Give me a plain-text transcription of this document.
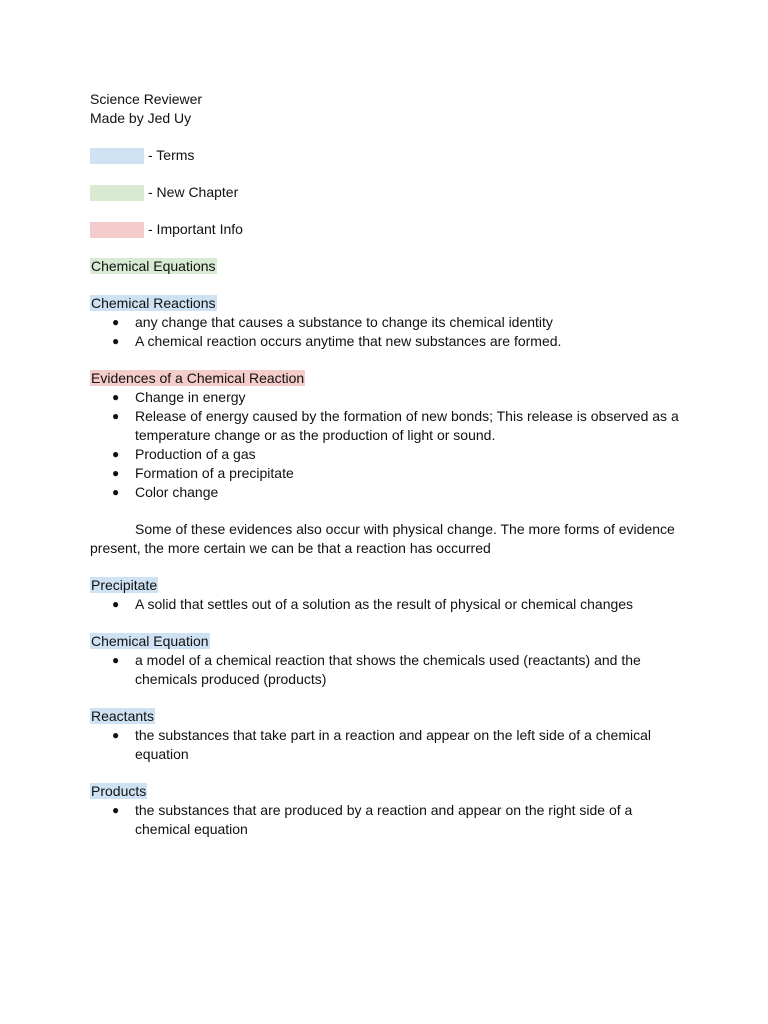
Science Reviewer
Made by Jed Uy
- Terms
- New Chapter
- Important Info
Chemical Equations
Chemical Reactions
●	any change that causes a substance to change its chemical identity
●	A chemical reaction occurs anytime that new substances are formed.
Evidences of a Chemical Reaction
●	Change in energy
●	Release of energy caused by the formation of new bonds; This release is observed as a
temperature change or as the production of light or sound.
●	Production of a gas
●	Formation of a precipitate
●	Color change
Some of these evidences also occur with physical change. The more forms of evidence
present, the more certain we can be that a reaction has occurred
Precipitate
●	A solid that settles out of a solution as the result of physical or chemical changes
Chemical Equation
●	a model of a chemical reaction that shows the chemicals used (reactants) and the
chemicals produced (products)
Reactants
●	the substances that take part in a reaction and appear on the left side of a chemical
equation
Products
●	the substances that are produced by a reaction and appear on the right side of a
chemical equation
